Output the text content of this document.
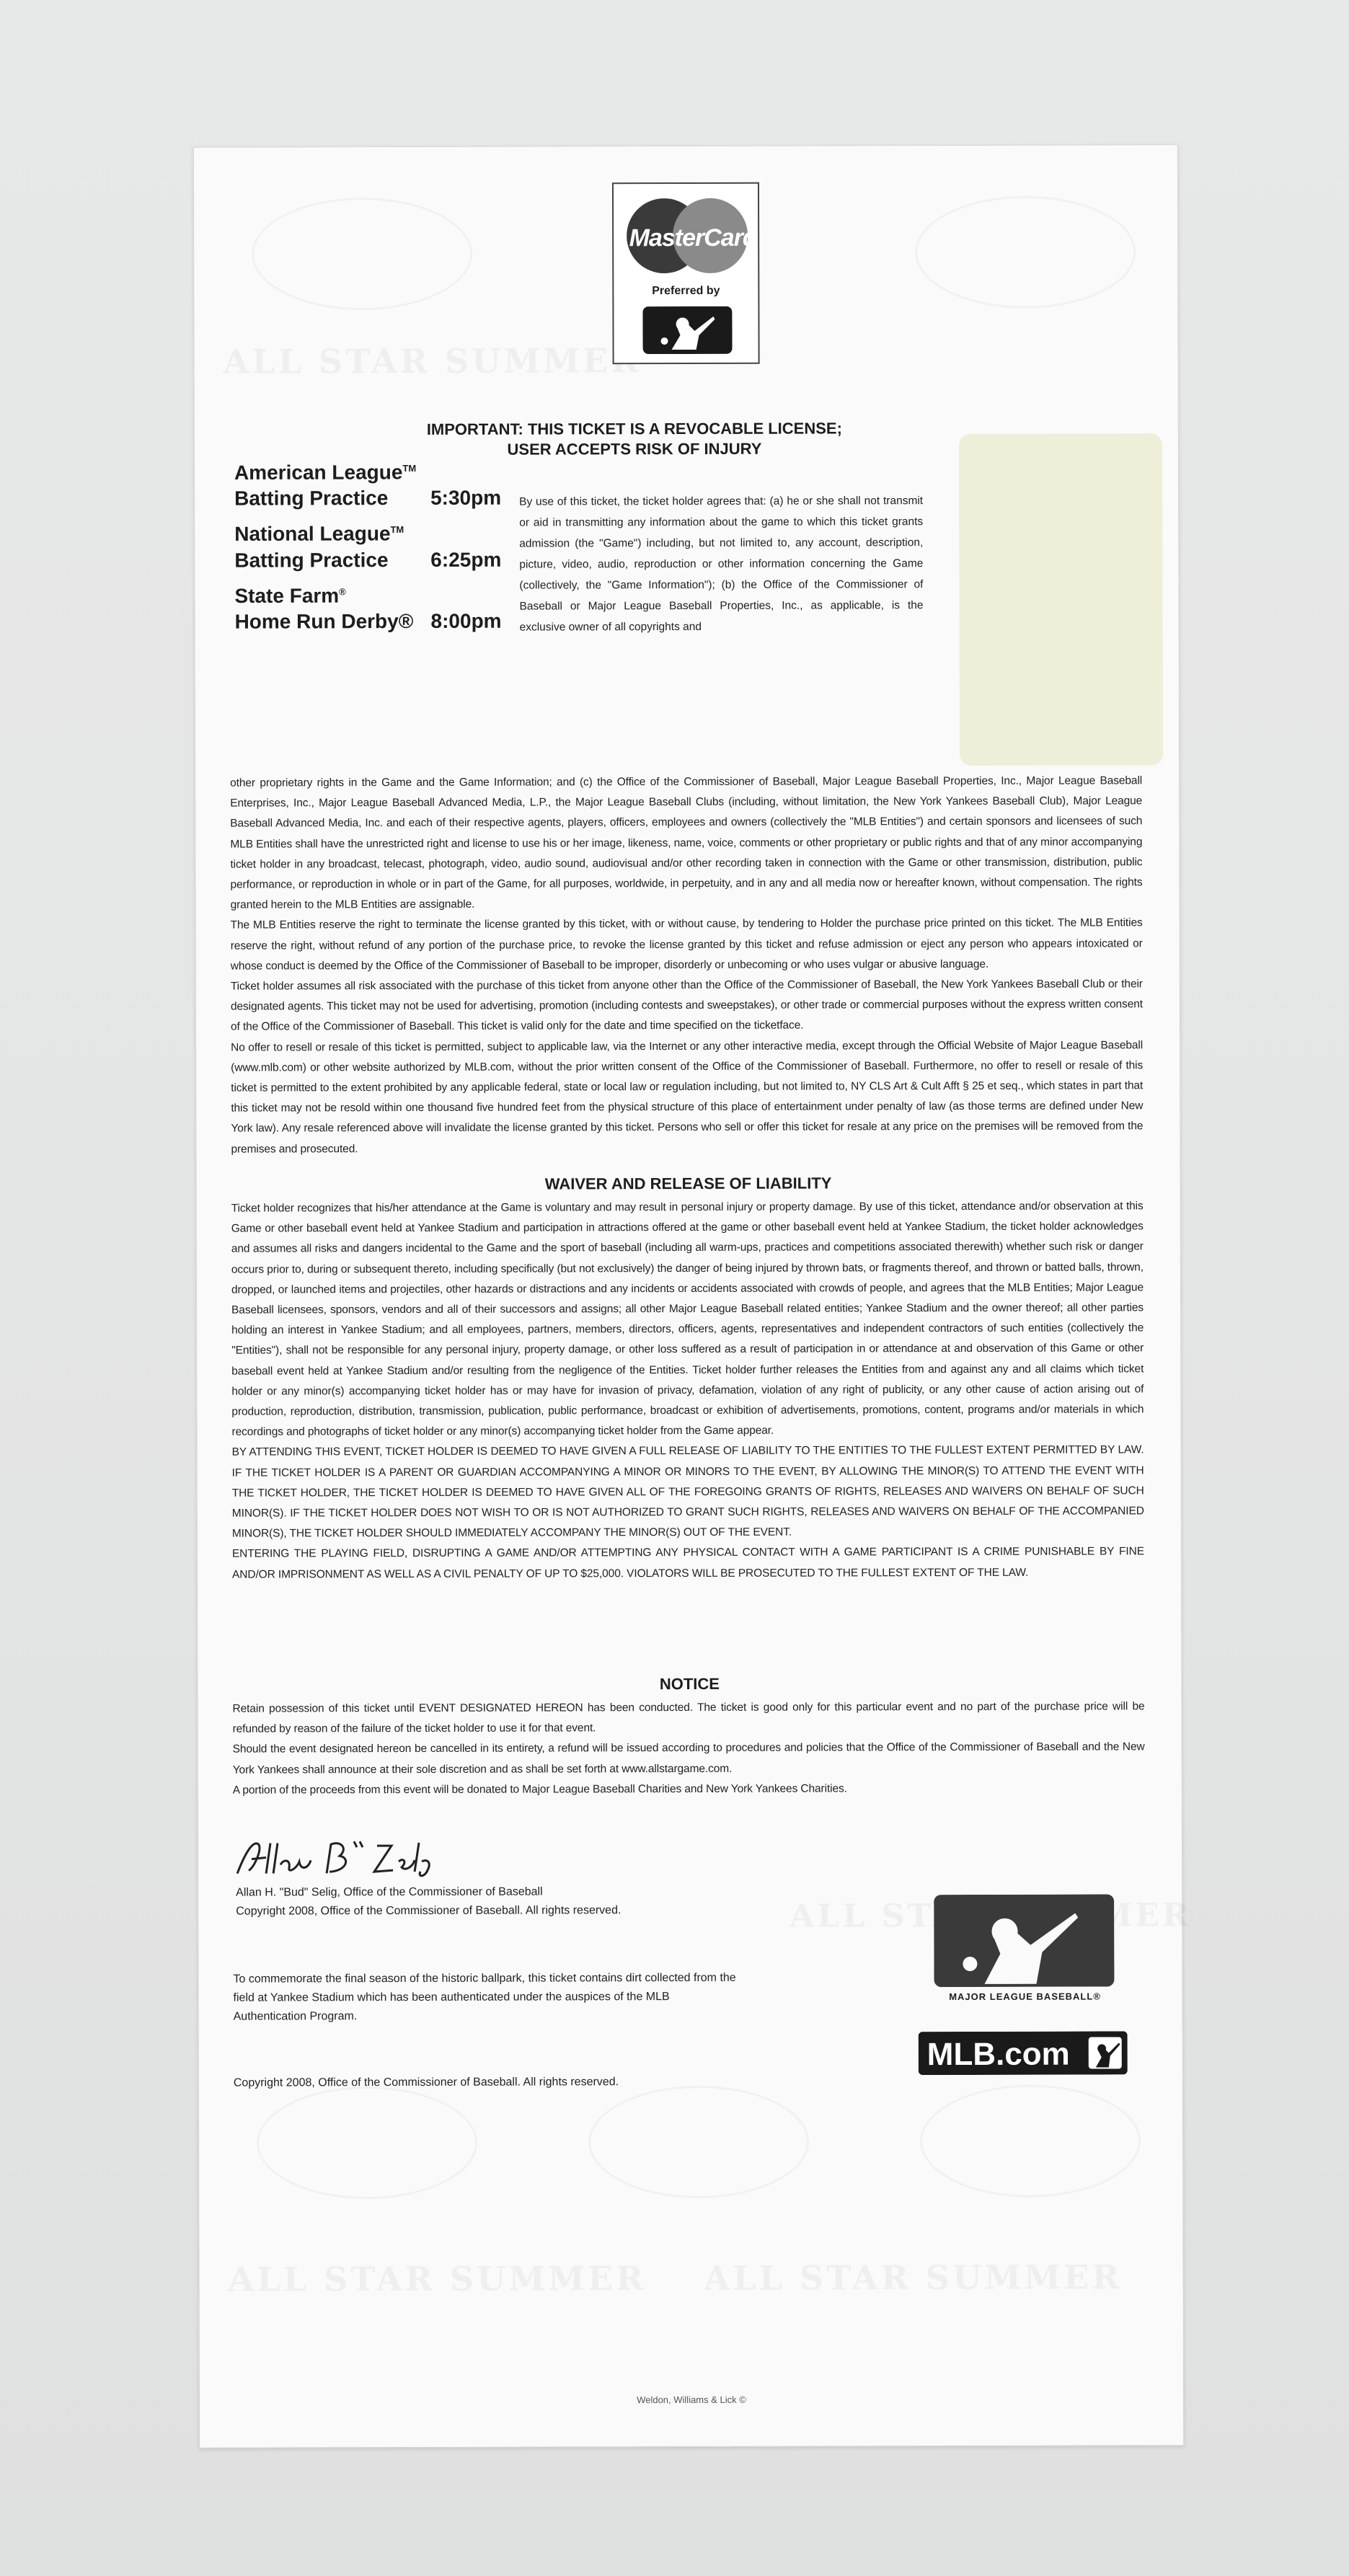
MasterCard
Preferred by
American League™
Batting Practice	5:30pm
National League™
Batting Practice	6:25pm
State Farm®
Home Run Derby® 8:00pm
IMPORTANT: THIS TICKET IS A REVOCABLE LICENSE;
USER ACCEPTS RISK OF INJURY
By use of this ticket, the ticket holder agrees that: (a) he or she shall not transmit or aid in transmitting any information about the game to which this ticket grants admission (the "Game") including, but not limited to, any account, description, picture, video, audio, reproduction or other information concerning the Game (collectively, the "Game Information"); (b) the Office of the Commissioner of Baseball or Major League Baseball Properties, Inc., as applicable, is the exclusive owner of all copyrights and

other proprietary rights in the Game and the Game Information; and (c) the Office of the Commissioner of Baseball, Major League Baseball Properties, Inc., Major League Baseball Enterprises, Inc., Major League Baseball Advanced Media, L.P., the Major League Baseball Clubs (including, without limitation, the New York Yankees Baseball Club), Major League Baseball Advanced Media, Inc. and each of their respective agents, players, officers, employees and owners (collectively the "MLB Entities") and certain sponsors and licensees of such MLB Entities shall have the unrestricted right and license to use his or her image, likeness, name, voice, comments or other proprietary or public rights and that of any minor accompanying ticket holder in any broadcast, telecast, photograph, video, audio sound, audiovisual and/or other recording taken in connection with the Game or other transmission, distribution, public performance, or reproduction in whole or in part of the Game, for all purposes, worldwide, in perpetuity, and in any and all media now or hereafter known, without compensation. The rights granted herein to the MLB Entities are assignable.

The MLB Entities reserve the right to terminate the license granted by this ticket, with or without cause, by tendering to Holder the purchase price printed on this ticket. The MLB Entities reserve the right, without refund of any portion of the purchase price, to revoke the license granted by this ticket and refuse admission or eject any person who appears intoxicated or whose conduct is deemed by the Office of the Commissioner of Baseball to be improper, disorderly or unbecoming or who uses vulgar or abusive language.

Ticket holder assumes all risk associated with the purchase of this ticket from anyone other than the Office of the Commissioner of Baseball, the New York Yankees Baseball Club or their designated agents. This ticket may not be used for advertising, promotion (including contests and sweepstakes), or other trade or commercial purposes without the express written consent of the Office of the Commissioner of Baseball. This ticket is valid only for the date and time specified on the ticketface.

No offer to resell or resale of this ticket is permitted, subject to applicable law, via the Internet or any other interactive media, except through the Official Website of Major League Baseball (www.mlb.com) or other website authorized by MLB.com, without the prior written consent of the Office of the Commissioner of Baseball. Furthermore, no offer to resell or resale of this ticket is permitted to the extent prohibited by any applicable federal, state or local law or regulation including, but not limited to, NY CLS Art & Cult Afft § 25 et seq., which states in part that this ticket may not be resold within one thousand five hundred feet from the physical structure of this place of entertainment under penalty of law (as those terms are defined under New York law). Any resale referenced above will invalidate the license granted by this ticket. Persons who sell or offer this ticket for resale at any price on the premises will be removed from the premises and prosecuted.

WAIVER AND RELEASE OF LIABILITY

Ticket holder recognizes that his/her attendance at the Game is voluntary and may result in personal injury or property damage. By use of this ticket, attendance and/or observation at this Game or other baseball event held at Yankee Stadium and participation in attractions offered at the game or other baseball event held at Yankee Stadium, the ticket holder acknowledges and assumes all risks and dangers incidental to the Game and the sport of baseball (including all warm-ups, practices and competitions associated therewith) whether such risk or danger occurs prior to, during or subsequent thereto, including specifically (but not exclusively) the danger of being injured by thrown bats, or fragments thereof, and thrown or batted balls, thrown, dropped, or launched items and projectiles, other hazards or distractions and any incidents or accidents associated with crowds of people, and agrees that the MLB Entities; Major League Baseball licensees, sponsors, vendors and all of their successors and assigns; all other Major League Baseball related entities; Yankee Stadium and the owner thereof; all other parties holding an interest in Yankee Stadium; and all employees, partners, members, directors, officers, agents, representatives and independent contractors of such entities (collectively the "Entities"), shall not be responsible for any personal injury, property damage, or other loss suffered as a result of participation in or attendance at and observation of this Game or other baseball event held at Yankee Stadium and/or resulting from the negligence of the Entities. Ticket holder further releases the Entities from and against any and all claims which ticket holder or any minor(s) accompanying ticket holder has or may have for invasion of privacy, defamation, violation of any right of publicity, or any other cause of action arising out of production, reproduction, distribution, transmission, publication, public performance, broadcast or exhibition of advertisements, promotions, content, programs and/or materials in which recordings and photographs of ticket holder or any minor(s) accompanying ticket holder from the Game appear.

BY ATTENDING THIS EVENT, TICKET HOLDER IS DEEMED TO HAVE GIVEN A FULL RELEASE OF LIABILITY TO THE ENTITIES TO THE FULLEST EXTENT PERMITTED BY LAW. IF THE TICKET HOLDER IS A PARENT OR GUARDIAN ACCOMPANYING A MINOR OR MINORS TO THE EVENT, BY ALLOWING THE MINOR(S) TO ATTEND THE EVENT WITH THE TICKET HOLDER, THE TICKET HOLDER IS DEEMED TO HAVE GIVEN ALL OF THE FOREGOING GRANTS OF RIGHTS, RELEASES AND WAIVERS ON BEHALF OF SUCH MINOR(S). IF THE TICKET HOLDER DOES NOT WISH TO OR IS NOT AUTHORIZED TO GRANT SUCH RIGHTS, RELEASES AND WAIVERS ON BEHALF OF THE ACCOMPANIED MINOR(S), THE TICKET HOLDER SHOULD IMMEDIATELY ACCOMPANY THE MINOR(S) OUT OF THE EVENT.

ENTERING THE PLAYING FIELD, DISRUPTING A GAME AND/OR ATTEMPTING ANY PHYSICAL CONTACT WITH A GAME PARTICIPANT IS A CRIME PUNISHABLE BY FINE AND/OR IMPRISONMENT AS WELL AS A CIVIL PENALTY OF UP TO $25,000. VIOLATORS WILL BE PROSECUTED TO THE FULLEST EXTENT OF THE LAW.

NOTICE

Retain possession of this ticket until EVENT DESIGNATED HEREON has been conducted. The ticket is good only for this particular event and no part of the purchase price will be refunded by reason of the failure of the ticket holder to use it for that event.

Should the event designated hereon be cancelled in its entirety, a refund will be issued according to procedures and policies that the Office of the Commissioner of Baseball and the New York Yankees shall announce at their sole discretion and as shall be set forth at www.allstargame.com.

A portion of the proceeds from this event will be donated to Major League Baseball Charities and New York Yankees Charities.

Allan H. "Bud" Selig, Office of the Commissioner of Baseball
Copyright 2008, Office of the Commissioner of Baseball. All rights reserved.
To commemorate the final season of the historic ballpark, this ticket contains dirt collected from the field at Yankee Stadium which has been authenticated under the auspices of the MLB Authentication Program.
Copyright 2008, Office of the Commissioner of Baseball. All rights reserved.
MAJOR LEAGUE BASEBALL®
MLB.com
Weldon, Williams & Lick ©
